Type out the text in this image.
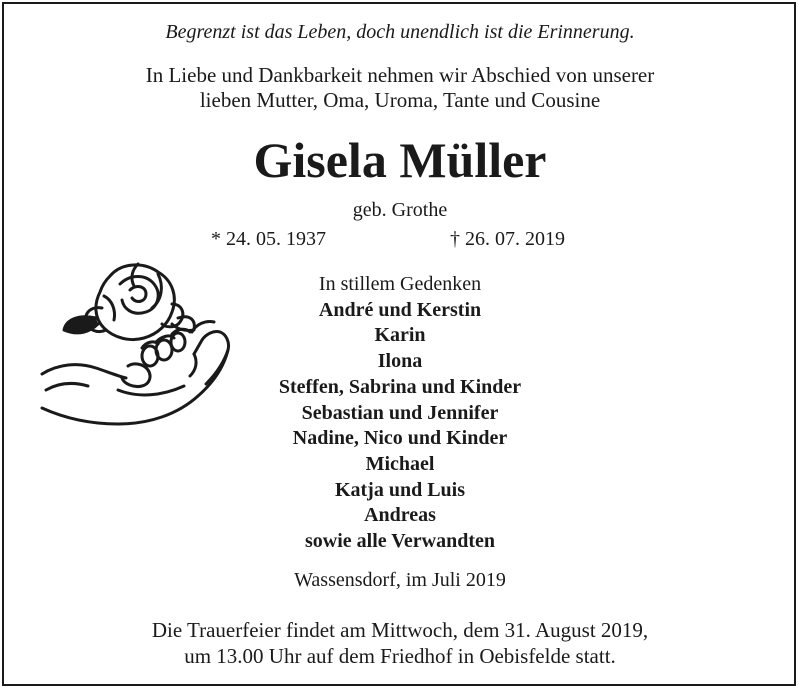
Begrenzt ist das Leben, doch unendlich ist die Erinnerung.

In Liebe und Dankbarkeit nehmen wir Abschied von unserer
lieben Mutter, Oma, Uroma, Tante und Cousine

Gisela Müller

geb. Grothe

* 24. 05. 1937	† 26. 07. 2019
In stillem Gedenken
André und Kerstin
Karin
Ilona
Steffen, Sabrina und Kinder
Sebastian und Jennifer
Nadine, Nico und Kinder
Michael
Katja und Luis
Andreas
sowie alle Verwandten

Wassensdorf, im Juli 2019

Die Trauerfeier findet am Mittwoch, dem 31. August 2019,
um 13.00 Uhr auf dem Friedhof in Oebisfelde statt.
